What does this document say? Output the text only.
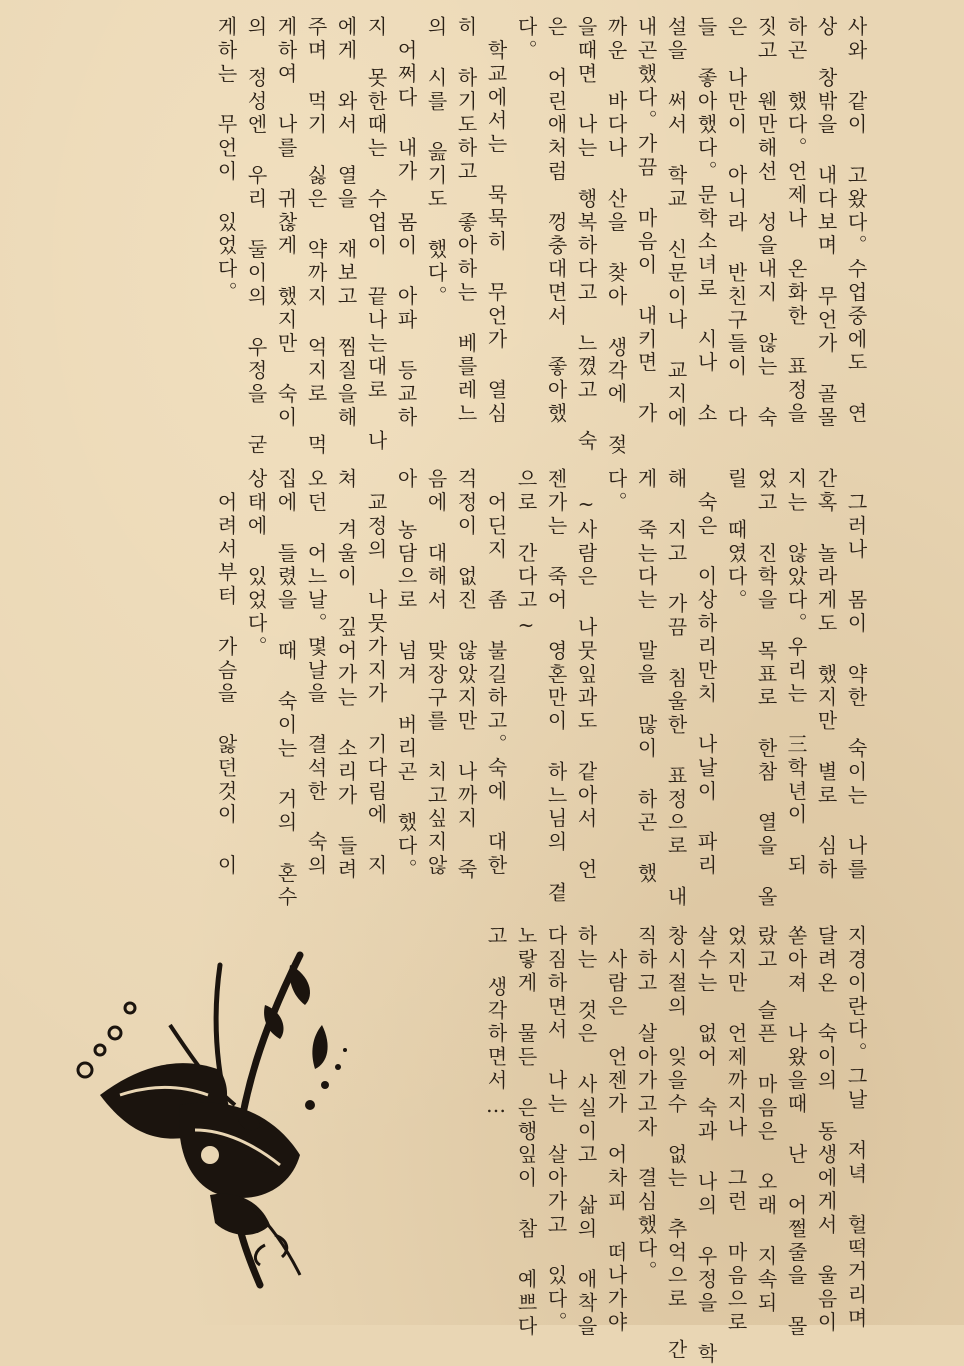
사와 같이 고왔다。수업중에도 연
상 창밖을 내다보며 무언가 골몰
하곤 했다。언제나 온화한 표정을
짓고 웬만해선 성을내지 않는 숙
은 나만이 아니라 반친구들이 다
들 좋아했다。문학소녀로 시나 소
설을 써서 학교 신문이나 교지에
내곤했다。가끔 마음이 내키면 가
까운 바다나 산을 찾아 생각에 젖
을때면 나는 행복하다고 느꼈고 숙
은 어린애처럼 껑충대면서 좋아했
다。
　학교에서는 묵묵히 무언가 열심
히 하기도하고 좋아하는 베를레느
의 시를 읊기도 했다。
　어쩌다 내가 몸이 아파 등교하
지 못한때는 수업이 끝나는대로 나
에게 와서 열을 재보고 찜질을해
주며 먹기 싫은 약까지 억지로 먹
게하여 나를 귀찮게 했지만 숙이
의 정성엔 우리 둘이의 우정을 굳
게하는 무언이 있었다。
　그러나 몸이 약한 숙이는 나를
간혹 놀라게도 했지만 별로 심하
지는 않았다。우리는 三학년이 되
었고 진학을 목표로 한참 열을 올
릴 때였다。
　숙은 이상하리만치 나날이 파리
해 지고 가끔 침울한 표정으로 내
게 죽는다는 말을 많이 하곤 했
다。
　~사람은 나뭇잎과도 같아서 언
젠가는 죽어 영혼만이 하느님의 곁
으로 간다고~
　어딘지 좀 불길하고。숙에 대한
걱정이 없진 않았지만 나까지 죽
음에 대해서 맞장구를 치고싶지않
아 농담으로 넘겨 버리곤 했다。
　교정의 나뭇가지가 기다림에 지
쳐 겨울이 깊어가는 소리가 들려
오던 어느날。몇날을 결석한 숙의
집에 들렸을 때 숙이는 거의 혼수
상태에 있었다。
　어려서부터 가슴을 앓던것이 이
지경이란다。그날 저녁 헐떡거리며
달려온 숙이의 동생에게서 울음이
쏟아져 나왔을때 난 어쩔줄을 몰
랐고 슬픈 마음은 오래 지속되
었지만 언제까지나 그런 마음으로
살수는 없어 숙과 나의 우정을 학
창시절의 잊을수 없는 추억으로 간
직하고 살아가고자 결심했다。
　사람은 언젠가 어차피 떠나가야
하는 것은 사실이고 삶의 애착을
다짐하면서 나는 살아가고 있다。
노랗게 물든 은행잎이 참 예쁘다
고 생각하면서…
